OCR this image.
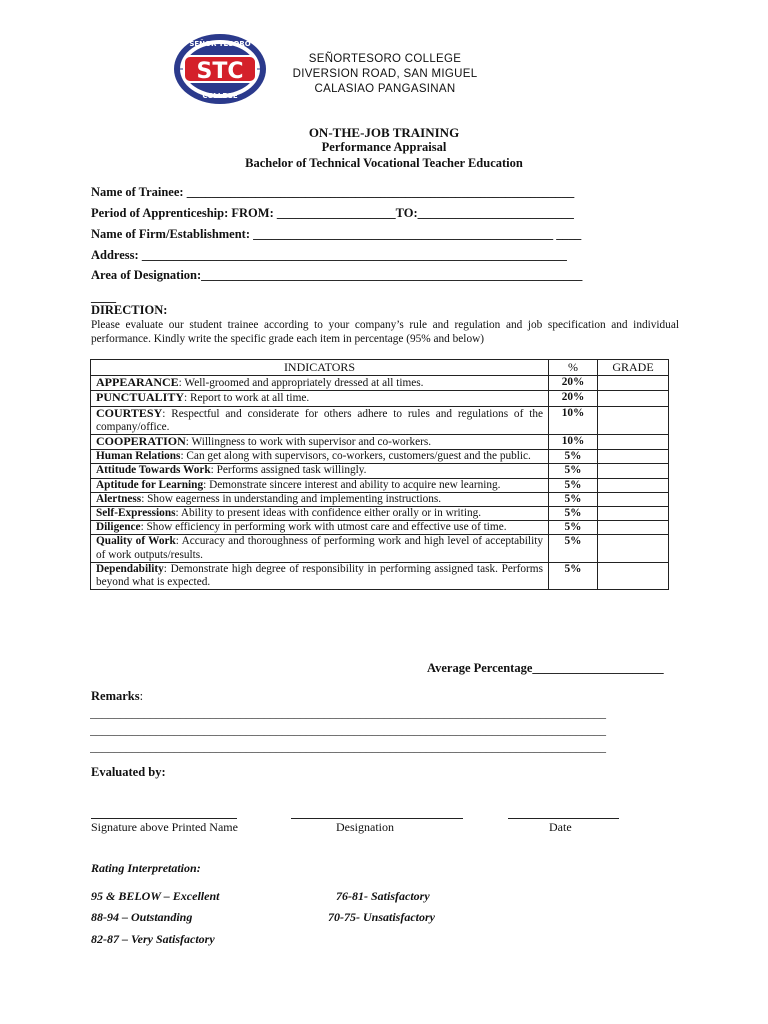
STC
SEÑOR TESORO
COLLEGE
SEÑORTESORO COLLEGE
DIVERSION ROAD, SAN MIGUEL
CALASIAO PANGASINAN
ON-THE-JOB TRAINING
Performance Appraisal
Bachelor of Technical Vocational Teacher Education
Name of Trainee: ______________________________________________________________
Period of Apprenticeship: FROM: ___________________TO:_________________________
Name of Firm/Establishment: ________________________________________________ ____
Address: ____________________________________________________________________
Area of Designation:_____________________________________________________________
____
DIRECTION:
Please evaluate our student trainee according to your company’s rule and regulation and job specification and individual performance. Kindly write the specific grade each item in percentage (95% and below)
INDICATORS	%	GRADE
APPEARANCE: Well-groomed and appropriately dressed at all times.	20%	
PUNCTUALITY: Report to work at all time.	20%	
COURTESY: Respectful and considerate for others adhere to rules and regulations of the company/office.	10%	
COOPERATION: Willingness to work with supervisor and co-workers.	10%	
Human Relations: Can get along with supervisors, co-workers, customers/guest and the public.	5%	
Attitude Towards Work: Performs assigned task willingly.	5%	
Aptitude for Learning: Demonstrate sincere interest and ability to acquire new learning.	5%	
Alertness: Show eagerness in understanding and implementing instructions.	5%	
Self-Expressions: Ability to present ideas with confidence either orally or in writing.	5%	
Diligence: Show efficiency in performing work with utmost care and effective use of time.	5%	
Quality of Work: Accuracy and thoroughness of performing work and high level of acceptability of work outputs/results.	5%	
Dependability: Demonstrate high degree of responsibility in performing assigned task. Performs beyond what is expected.	5%	
Average Percentage_____________________
Remarks:
______________________________________________________________________________________
______________________________________________________________________________________
______________________________________________________________________________________
Evaluated by:
Signature above Printed Name	Designation	Date
Rating Interpretation:
95 & BELOW – Excellent
88-94 – Outstanding
82-87 – Very Satisfactory
76-81- Satisfactory
70-75- Unsatisfactory
